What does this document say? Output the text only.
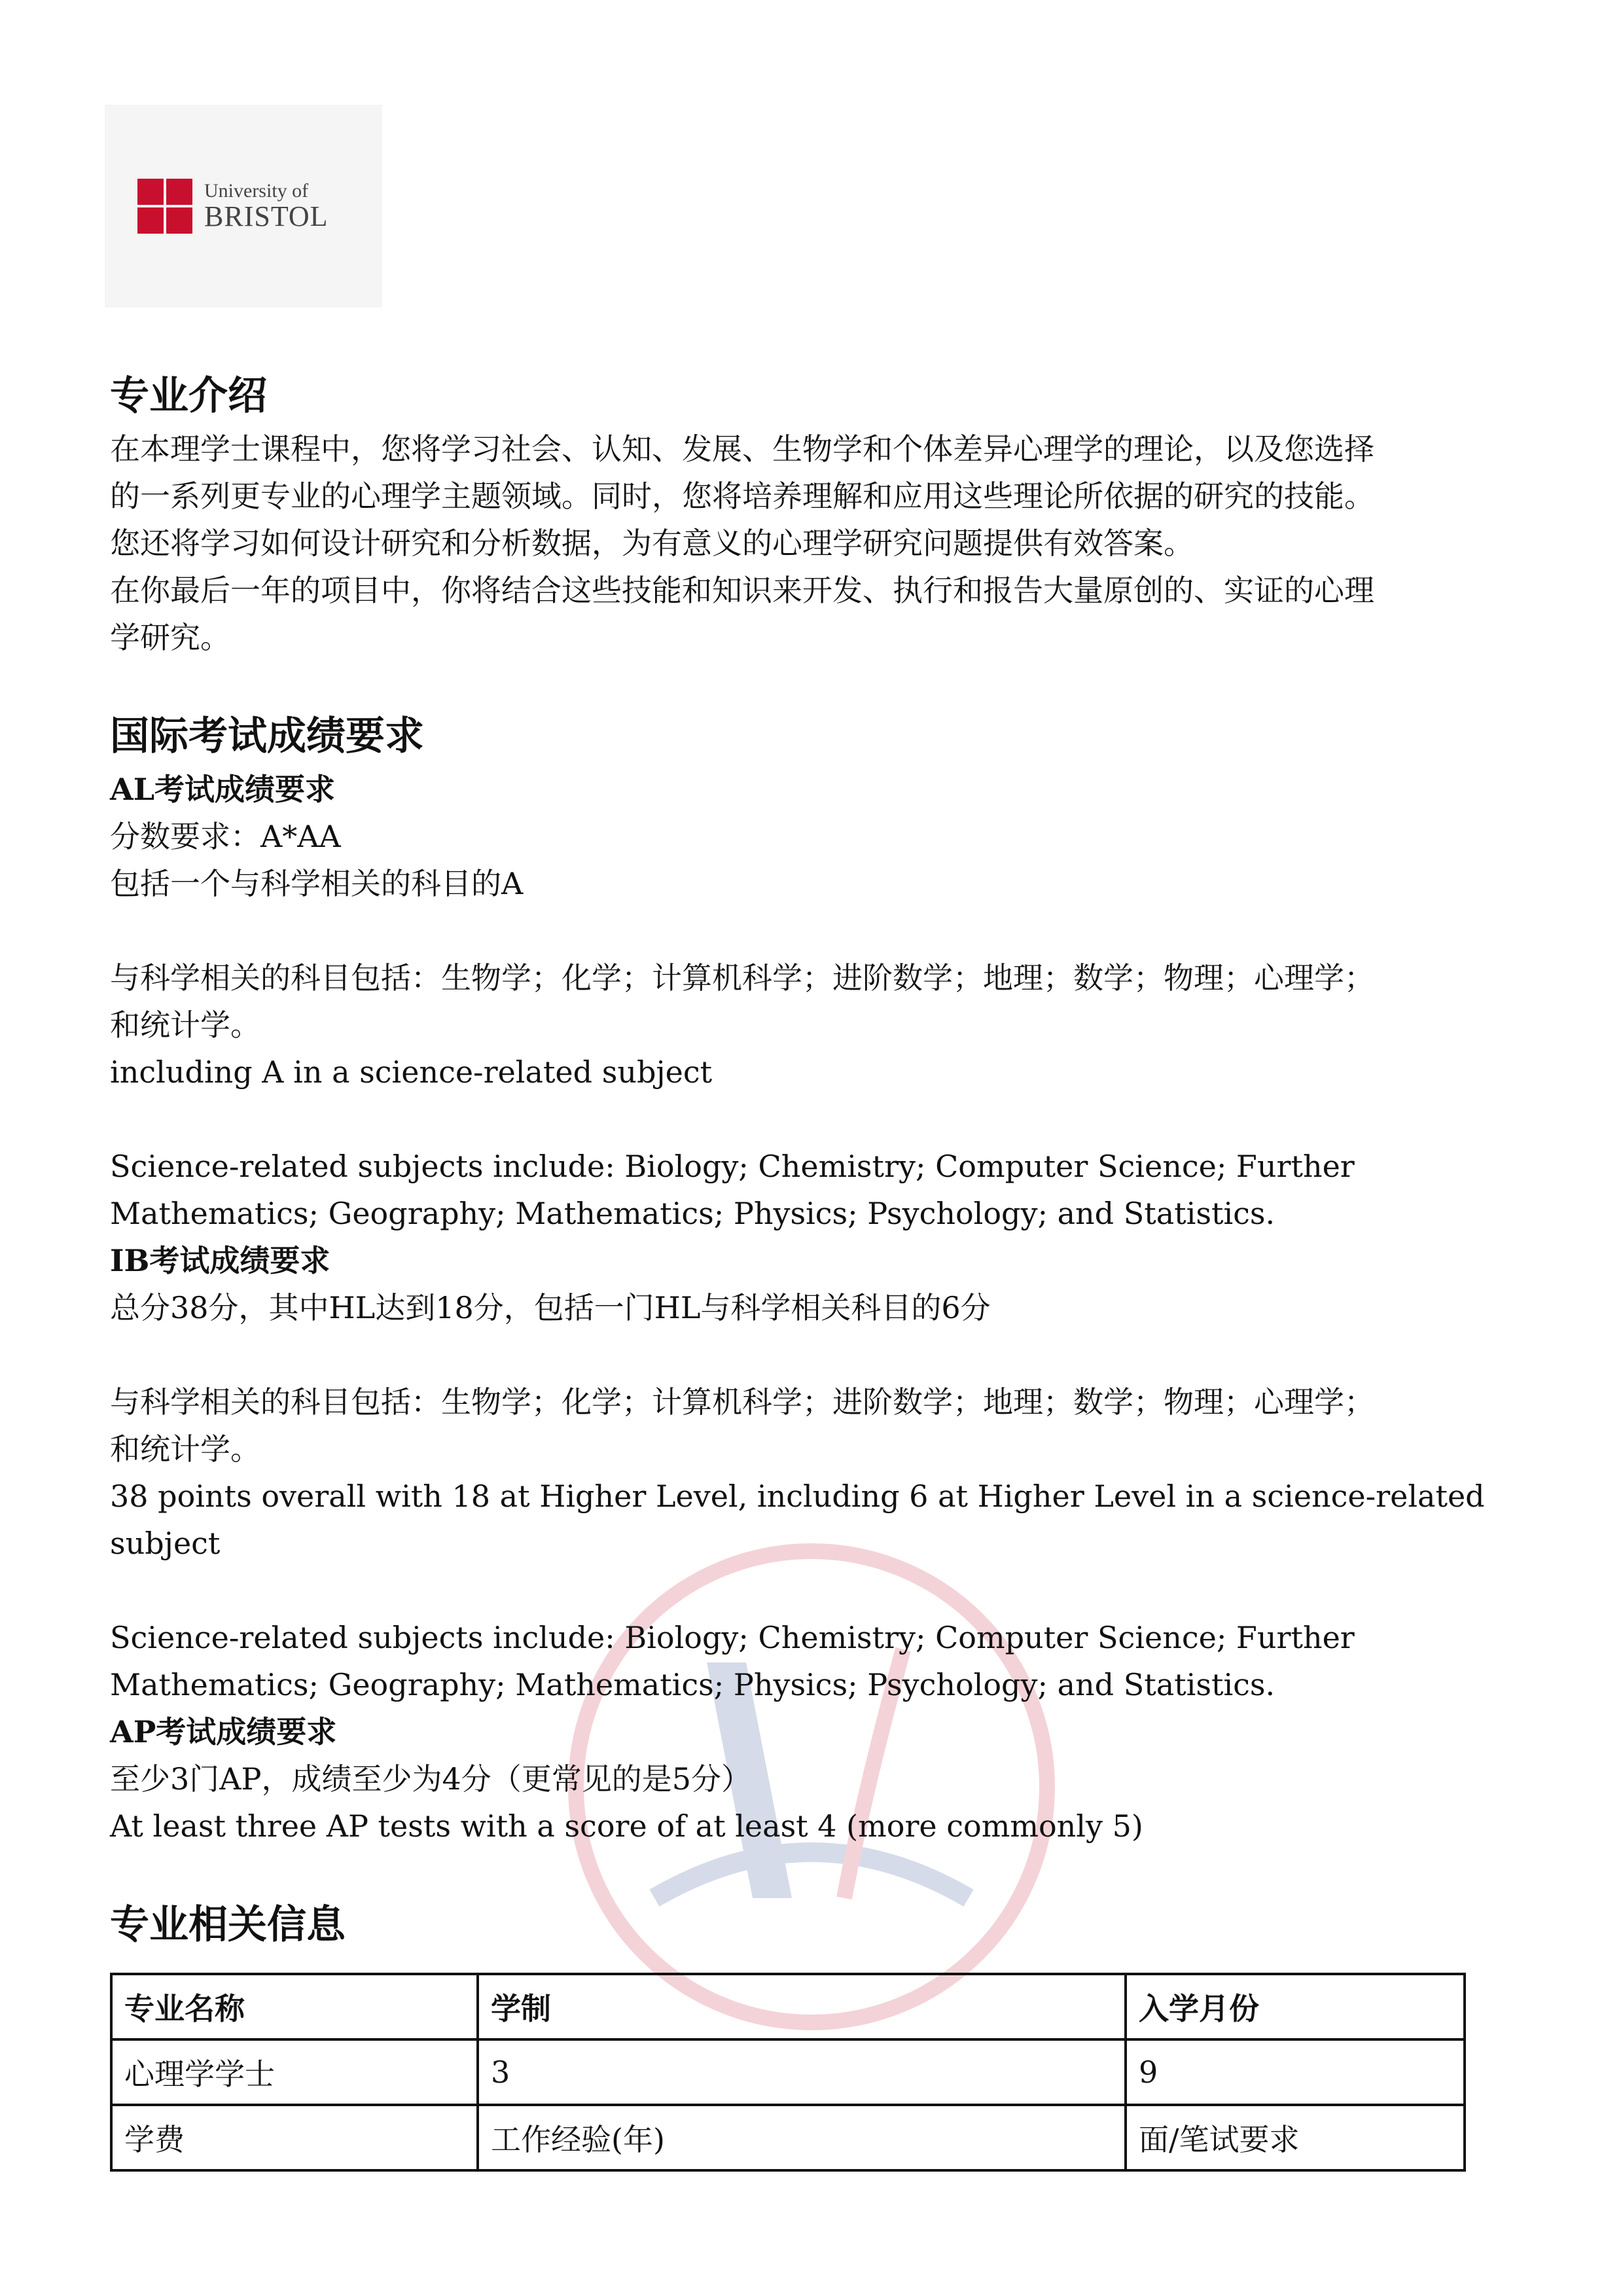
University of
BRISTOL
专业介绍

在本理学士课程中，您将学习社会、认知、发展、生物学和个体差异心理学的理论，以及您选择

的一系列更专业的心理学主题领域。同时，您将培养理解和应用这些理论所依据的研究的技能。

您还将学习如何设计研究和分析数据，为有意义的心理学研究问题提供有效答案。

在你最后一年的项目中，你将结合这些技能和知识来开发、执行和报告大量原创的、实证的心理

学研究。

国际考试成绩要求
AL考试成绩要求

分数要求：A*AA

包括一个与科学相关的科目的A

与科学相关的科目包括：生物学；化学；计算机科学；进阶数学；地理；数学；物理；心理学；

和统计学。

including A in a science-related subject

Science-related subjects include: Biology; Chemistry; Computer Science; Further

Mathematics; Geography; Mathematics; Physics; Psychology; and Statistics.

IB考试成绩要求

总分38分，其中HL达到18分，包括一门HL与科学相关科目的6分

与科学相关的科目包括：生物学；化学；计算机科学；进阶数学；地理；数学；物理；心理学；

和统计学。

38 points overall with 18 at Higher Level, including 6 at Higher Level in a science-related

subject

Science-related subjects include: Biology; Chemistry; Computer Science; Further

Mathematics; Geography; Mathematics; Physics; Psychology; and Statistics.

AP考试成绩要求

至少3门AP，成绩至少为4分（更常见的是5分）

At least three AP tests with a score of at least 4 (more commonly 5)

专业相关信息
专业名称	学制	入学月份
心理学学士	3	9
学费	工作经验(年)	面/笔试要求
